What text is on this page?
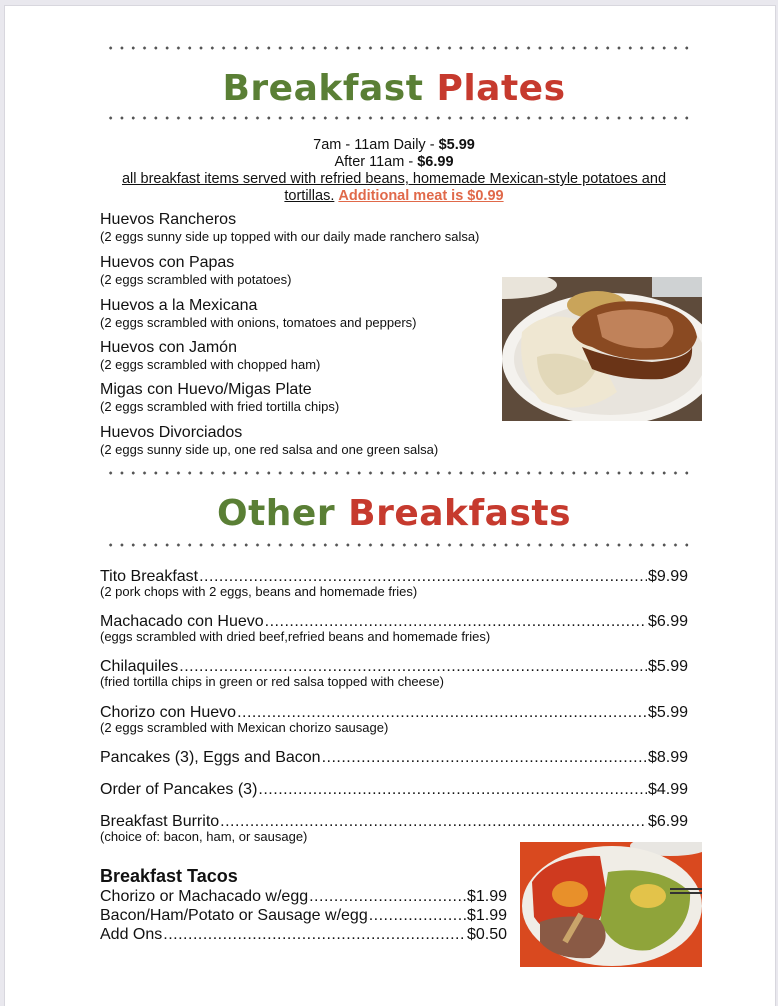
Breakfast Plates
7am - 11am Daily - $5.99
After 11am - $6.99
all breakfast items served with refried beans, homemade Mexican-style potatoes and tortillas. Additional meat is $0.99
Huevos Rancheros
(2 eggs sunny side up topped with our daily made ranchero salsa)
Huevos con Papas
(2 eggs scrambled with potatoes)
Huevos a la Mexicana
(2 eggs scrambled with onions, tomatoes and peppers)
Huevos con Jamón
(2 eggs scrambled with chopped ham)
Migas con Huevo/Migas Plate
(2 eggs scrambled with fried tortilla chips)
Huevos Divorciados
(2 eggs sunny side up, one red salsa and one green salsa)
Other Breakfasts
Tito Breakfast .....	$9.99
(2 pork chops with 2 eggs, beans and homemade fries)
Machacado con Huevo .....	$6.99
(eggs scrambled with dried beef,refried beans and homemade fries)
Chilaquiles .....	$5.99
(fried tortilla chips in green or red salsa topped with cheese)
Chorizo con Huevo .....	$5.99
(2 eggs scrambled with Mexican chorizo sausage)
Pancakes (3), Eggs and Bacon .....	$8.99
Order of Pancakes (3) .....	$4.99
Breakfast Burrito .....	$6.99
(choice of: bacon, ham, or sausage)
Breakfast Tacos
Chorizo or Machacado w/egg .....	$1.99
Bacon/Ham/Potato or Sausage w/egg .....	$1.99
Add Ons .....	$0.50
